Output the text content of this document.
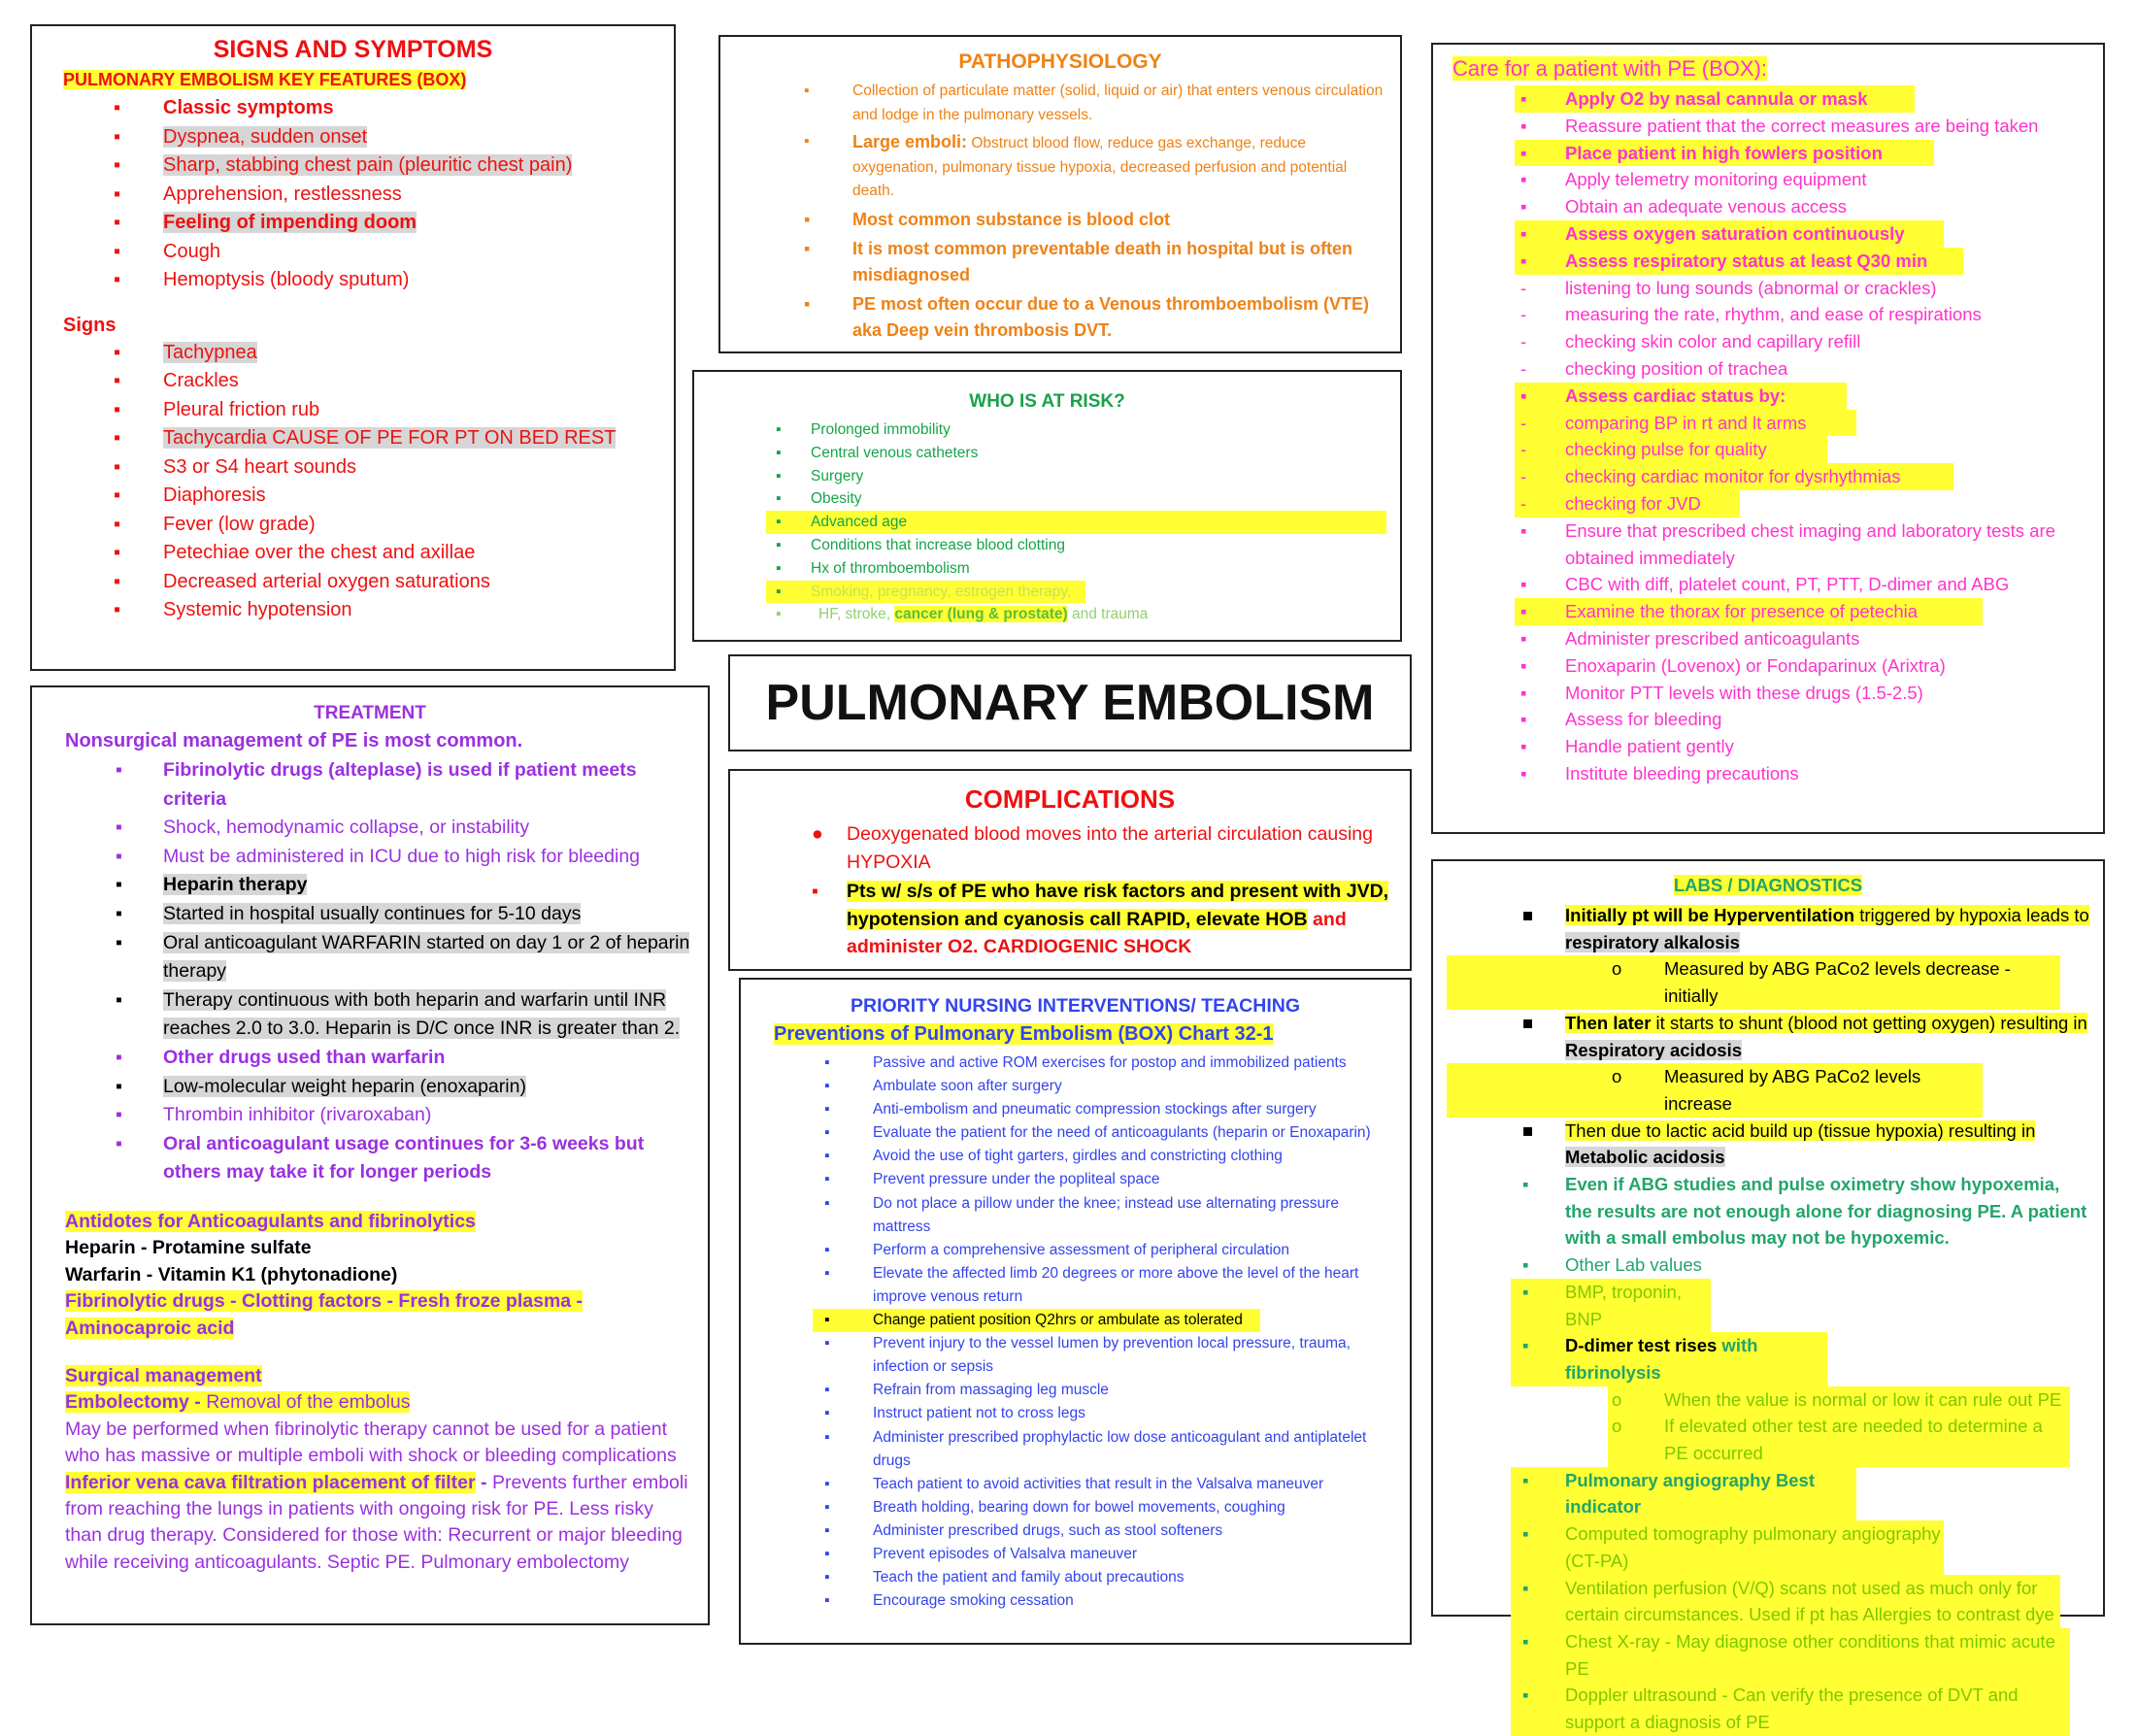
SIGNS AND SYMPTOMS
PULMONARY EMBOLISM KEY FEATURES (BOX)
▪ Classic symptoms
▪ Dyspnea, sudden onset
▪ Sharp, stabbing chest pain (pleuritic chest pain)
▪ Apprehension, restlessness
▪ Feeling of impending doom
▪ Cough
▪ Hemoptysis (bloody sputum)
Signs
▪ Tachypnea
▪ Crackles
▪ Pleural friction rub
▪ Tachycardia CAUSE OF PE FOR PT ON BED REST
▪ S3 or S4 heart sounds
▪ Diaphoresis
▪ Fever (low grade)
▪ Petechiae over the chest and axillae
▪ Decreased arterial oxygen saturations
▪ Systemic hypotension
PATHOPHYSIOLOGY
▪	Collection of particulate matter (solid, liquid or air) that enters venous circulation and lodge in the pulmonary vessels.
▪ Large emboli: Obstruct blood flow, reduce gas exchange, reduce oxygenation, pulmonary tissue hypoxia, decreased perfusion and potential death.
▪ Most common substance is blood clot
▪ It is most common preventable death in hospital but is often misdiagnosed
▪ PE most often occur due to a Venous thromboembolism (VTE) aka Deep vein thrombosis DVT.
WHO IS AT RISK?
▪ Prolonged immobility
▪ Central venous catheters
▪ Surgery
▪ Obesity
▪ Advanced age
▪ Conditions that increase blood clotting
▪ Hx of thromboembolism
▪ Smoking, pregnancy, estrogen therapy,
▪ HF, stroke, cancer (lung & prostate) and trauma
PULMONARY EMBOLISM
COMPLICATIONS
● Deoxygenated blood moves into the arterial circulation causing HYPOXIA
▪ Pts w/ s/s of PE who have risk factors and present with JVD, hypotension and cyanosis call RAPID, elevate HOB and administer O2. CARDIOGENIC SHOCK
Care for a patient with PE (BOX):
▪ Apply O2 by nasal cannula or mask
▪ Reassure patient that the correct measures are being taken
▪ Place patient in high fowlers position
▪ Apply telemetry monitoring equipment
▪ Obtain an adequate venous access
▪ Assess oxygen saturation continuously
▪ Assess respiratory status at least Q30 min
- listening to lung sounds (abnormal or crackles)
- measuring the rate, rhythm, and ease of respirations
- checking skin color and capillary refill
- checking position of trachea
▪ Assess cardiac status by:
- comparing BP in rt and lt arms
- checking pulse for quality
- checking cardiac monitor for dysrhythmias
- checking for JVD
▪ Ensure that prescribed chest imaging and laboratory tests are obtained immediately
▪ CBC with diff, platelet count, PT, PTT, D-dimer and ABG
▪ Examine the thorax for presence of petechia
▪ Administer prescribed anticoagulants
▪ Enoxaparin (Lovenox) or Fondaparinux (Arixtra)
▪ Monitor PTT levels with these drugs (1.5-2.5)
▪ Assess for bleeding
▪ Handle patient gently
▪ Institute bleeding precautions
TREATMENT
Nonsurgical management of PE is most common.
▪ Fibrinolytic drugs (alteplase) is used if patient meets criteria
▪ Shock, hemodynamic collapse, or instability
▪ Must be administered in ICU due to high risk for bleeding
▪ Heparin therapy
▪ Started in hospital usually continues for 5-10 days
▪ Oral anticoagulant WARFARIN started on day 1 or 2 of heparin therapy
▪ Therapy continuous with both heparin and warfarin until INR reaches 2.0 to 3.0. Heparin is D/C once INR is greater than 2.
▪ Other drugs used than warfarin
▪ Low-molecular weight heparin (enoxaparin)
▪ Thrombin inhibitor (rivaroxaban)
▪ Oral anticoagulant usage continues for 3-6 weeks but others may take it for longer periods
Antidotes for Anticoagulants and fibrinolytics
Heparin - Protamine sulfate
Warfarin - Vitamin K1 (phytonadione)
Fibrinolytic drugs - Clotting factors - Fresh froze plasma - Aminocaproic acid
Surgical management
Embolectomy - Removal of the embolus
May be performed when fibrinolytic therapy cannot be used for a patient who has massive or multiple emboli with shock or bleeding complications
Inferior vena cava filtration placement of filter - Prevents further emboli from reaching the lungs in patients with ongoing risk for PE. Less risky than drug therapy. Considered for those with: Recurrent or major bleeding while receiving anticoagulants. Septic PE. Pulmonary embolectomy
PRIORITY NURSING INTERVENTIONS/ TEACHING
Preventions of Pulmonary Embolism (BOX) Chart 32-1
▪	Passive and active ROM exercises for postop and immobilized patients
▪	Ambulate soon after surgery
▪	Anti-embolism and pneumatic compression stockings after surgery
▪	Evaluate the patient for the need of anticoagulants (heparin or Enoxaparin)
▪	Avoid the use of tight garters, girdles and constricting clothing
▪	Prevent pressure under the popliteal space
▪	Do not place a pillow under the knee; instead use alternating pressure mattress
▪	Perform a comprehensive assessment of peripheral circulation
▪	Elevate the affected limb 20 degrees or more above the level of the heart improve venous return
▪	Change patient position Q2hrs or ambulate as tolerated
▪	Prevent injury to the vessel lumen by prevention local pressure, trauma, infection or sepsis
▪	Refrain from massaging leg muscle
▪	Instruct patient not to cross legs
▪	Administer prescribed prophylactic low dose anticoagulant and antiplatelet drugs
▪	Teach patient to avoid activities that result in the Valsalva maneuver
▪	Breath holding, bearing down for bowel movements, coughing
▪	Administer prescribed drugs, such as stool softeners
▪	Prevent episodes of Valsalva maneuver
▪	Teach the patient and family about precautions
▪	Encourage smoking cessation
LABS / DIAGNOSTICS
■ Initially pt will be Hyperventilation triggered by hypoxia leads to respiratory alkalosis
o Measured by ABG PaCo2 levels decrease - initially
■ Then later it starts to shunt (blood not getting oxygen) resulting in Respiratory acidosis
o Measured by ABG PaCo2 levels increase
■ Then due to lactic acid build up (tissue hypoxia) resulting in Metabolic acidosis
▪ Even if ABG studies and pulse oximetry show hypoxemia, the results are not enough alone for diagnosing PE. A patient with a small embolus may not be hypoxemic.
▪ Other Lab values
▪ BMP, troponin, BNP
▪ D-dimer test rises with fibrinolysis
o When the value is normal or low it can rule out PE
o If elevated other test are needed to determine a PE occurred
▪ Pulmonary angiography Best indicator
▪ Computed tomography pulmonary angiography (CT-PA)
▪ Ventilation perfusion (V/Q) scans not used as much only for certain circumstances. Used if pt has Allergies to contrast dye
▪ Chest X-ray - May diagnose other conditions that mimic acute PE
▪ Doppler ultrasound - Can verify the presence of DVT and support a diagnosis of PE
